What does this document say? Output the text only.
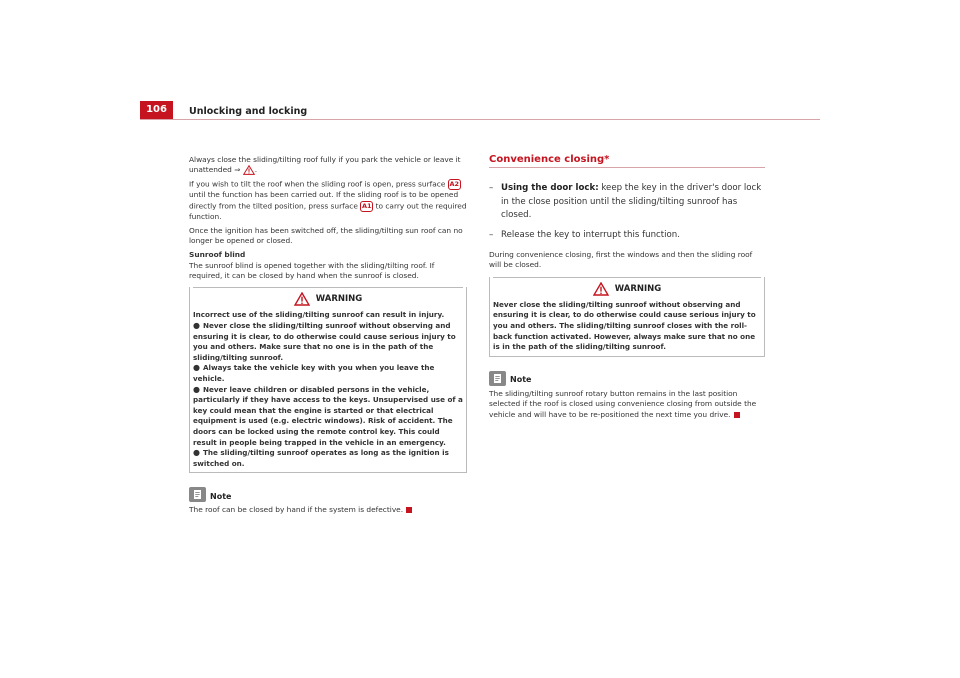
106	Unlocking and locking

Always close the sliding/tilting roof fully if you park the vehicle or leave it unattended ⇒ .

If you wish to tilt the roof when the sliding roof is open, press surface A2 until the function has been carried out. If the sliding roof is to be opened directly from the tilted position, press surface A1 to carry out the required function.

Once the ignition has been switched off, the sliding/tilting sun roof can no longer be opened or closed.

Sunroof blind

The sunroof blind is opened together with the sliding/tilting roof. If required, it can be closed by hand when the sunroof is closed.

WARNING

Incorrect use of the sliding/tilting sunroof can result in injury.

● Never close the sliding/tilting sunroof without observing and ensuring it is clear, to do otherwise could cause serious injury to you and others. Make sure that no one is in the path of the sliding/tilting sunroof.

● Always take the vehicle key with you when you leave the vehicle.

● Never leave children or disabled persons in the vehicle, particularly if they have access to the keys. Unsupervised use of a key could mean that the engine is started or that electrical equipment is used (e.g. electric windows). Risk of accident. The doors can be locked using the remote control key. This could result in people being trapped in the vehicle in an emergency.

● The sliding/tilting sunroof operates as long as the ignition is switched on.

Note

The roof can be closed by hand if the system is defective.

Convenience closing*
– Using the door lock: keep the key in the driver's door lock in the close position until the sliding/tilting sunroof has closed.
– Release the key to interrupt this function.

During convenience closing, first the windows and then the sliding roof will be closed.

WARNING

Never close the sliding/tilting sunroof without observing and ensuring it is clear, to do otherwise could cause serious injury to you and others. The sliding/tilting sunroof closes with the roll-back function activated. However, always make sure that no one is in the path of the sliding/tilting sunroof.

Note

The sliding/tilting sunroof rotary button remains in the last position selected if the roof is closed using convenience closing from outside the vehicle and will have to be re-positioned the next time you drive.
